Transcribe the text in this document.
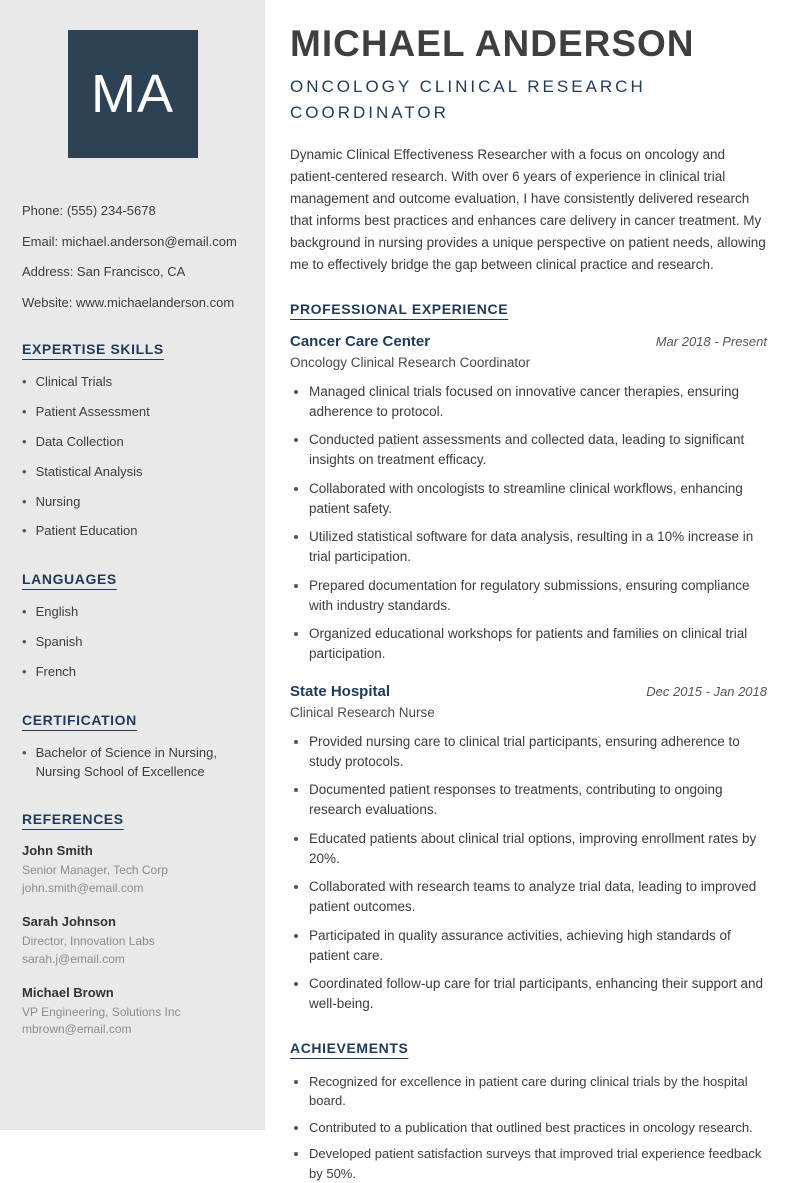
MA

Phone: (555) 234-5678

Email: michael.anderson@email.com

Address: San Francisco, CA

Website: www.michaelanderson.com

EXPERTISE SKILLS
• Clinical Trials
• Patient Assessment
• Data Collection
• Statistical Analysis
• Nursing
• Patient Education
LANGUAGES
• English
• Spanish
• French
CERTIFICATION
• Bachelor of Science in Nursing, Nursing School of Excellence
REFERENCES
John Smith
Senior Manager, Tech Corp
john.smith@email.com
Sarah Johnson
Director, Innovation Labs
sarah.j@email.com
Michael Brown
VP Engineering, Solutions Inc
mbrown@email.com
MICHAEL ANDERSON
ONCOLOGY CLINICAL RESEARCH COORDINATOR

Dynamic Clinical Effectiveness Researcher with a focus on oncology and patient-centered research. With over 6 years of experience in clinical trial management and outcome evaluation, I have consistently delivered research that informs best practices and enhances care delivery in cancer treatment. My background in nursing provides a unique perspective on patient needs, allowing me to effectively bridge the gap between clinical practice and research.

PROFESSIONAL EXPERIENCE
Cancer Care Center	Mar 2018 - Present
Oncology Clinical Research Coordinator
• Managed clinical trials focused on innovative cancer therapies, ensuring adherence to protocol.
• Conducted patient assessments and collected data, leading to significant insights on treatment efficacy.
• Collaborated with oncologists to streamline clinical workflows, enhancing patient safety.
• Utilized statistical software for data analysis, resulting in a 10% increase in trial participation.
• Prepared documentation for regulatory submissions, ensuring compliance with industry standards.
• Organized educational workshops for patients and families on clinical trial participation.
State Hospital	Dec 2015 - Jan 2018
Clinical Research Nurse
• Provided nursing care to clinical trial participants, ensuring adherence to study protocols.
• Documented patient responses to treatments, contributing to ongoing research evaluations.
• Educated patients about clinical trial options, improving enrollment rates by 20%.
• Collaborated with research teams to analyze trial data, leading to improved patient outcomes.
• Participated in quality assurance activities, achieving high standards of patient care.
• Coordinated follow-up care for trial participants, enhancing their support and well-being.
ACHIEVEMENTS
• Recognized for excellence in patient care during clinical trials by the hospital board.
• Contributed to a publication that outlined best practices in oncology research.
• Developed patient satisfaction surveys that improved trial experience feedback by 50%.
